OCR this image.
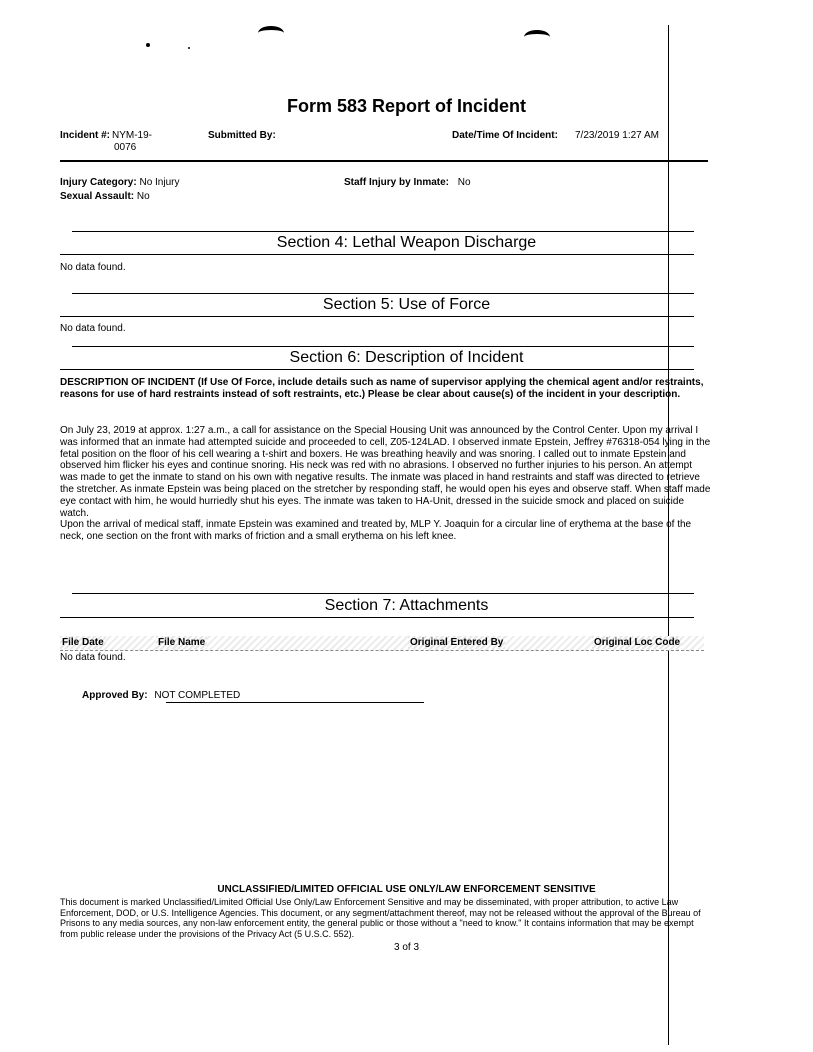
Form 583 Report of Incident
Incident #: NYM-19-
0076
Submitted By:	Date/Time Of Incident: 7/23/2019 1:27 AM
Injury Category: No Injury	Staff Injury by Inmate: No
Sexual Assault: No
Section 4: Lethal Weapon Discharge
No data found.
Section 5: Use of Force
No data found.
Section 6: Description of Incident
DESCRIPTION OF INCIDENT (If Use Of Force, include details such as name of supervisor applying the chemical agent and/or restraints, reasons for use of hard restraints instead of soft restraints, etc.) Please be clear about cause(s) of the incident in your description.
On July 23, 2019 at approx. 1:27 a.m., a call for assistance on the Special Housing Unit was announced by the Control Center. Upon my arrival I was informed that an inmate had attempted suicide and proceeded to cell, Z05-124LAD. I observed inmate Epstein, Jeffrey #76318-054 lying in the fetal position on the floor of his cell wearing a t-shirt and boxers. He was breathing heavily and was snoring. I called out to inmate Epstein and observed him flicker his eyes and continue snoring. His neck was red with no abrasions. I observed no further injuries to his person. An attempt was made to get the inmate to stand on his own with negative results. The inmate was placed in hand restraints and staff was directed to retrieve the stretcher. As inmate Epstein was being placed on the stretcher by responding staff, he would open his eyes and observe staff. When staff made eye contact with him, he would hurriedly shut his eyes. The inmate was taken to HA-Unit, dressed in the suicide smock and placed on suicide watch.
Upon the arrival of medical staff, inmate Epstein was examined and treated by, MLP Y. Joaquin for a circular line of erythema at the base of the neck, one section on the front with marks of friction and a small erythema on his left knee.
Section 7: Attachments
File Date	File Name	Original Entered By	Original Loc Code
No data found.
Approved By: NOT COMPLETED
UNCLASSIFIED/LIMITED OFFICIAL USE ONLY/LAW ENFORCEMENT SENSITIVE
This document is marked Unclassified/Limited Official Use Only/Law Enforcement Sensitive and may be disseminated, with proper attribution, to active Law Enforcement, DOD, or U.S. Intelligence Agencies. This document, or any segment/attachment thereof, may not be released without the approval of the Bureau of Prisons to any media sources, any non-law enforcement entity, the general public or those without a "need to know." It contains information that may be exempt from public release under the provisions of the Privacy Act (5 U.S.C. 552).
3 of 3
